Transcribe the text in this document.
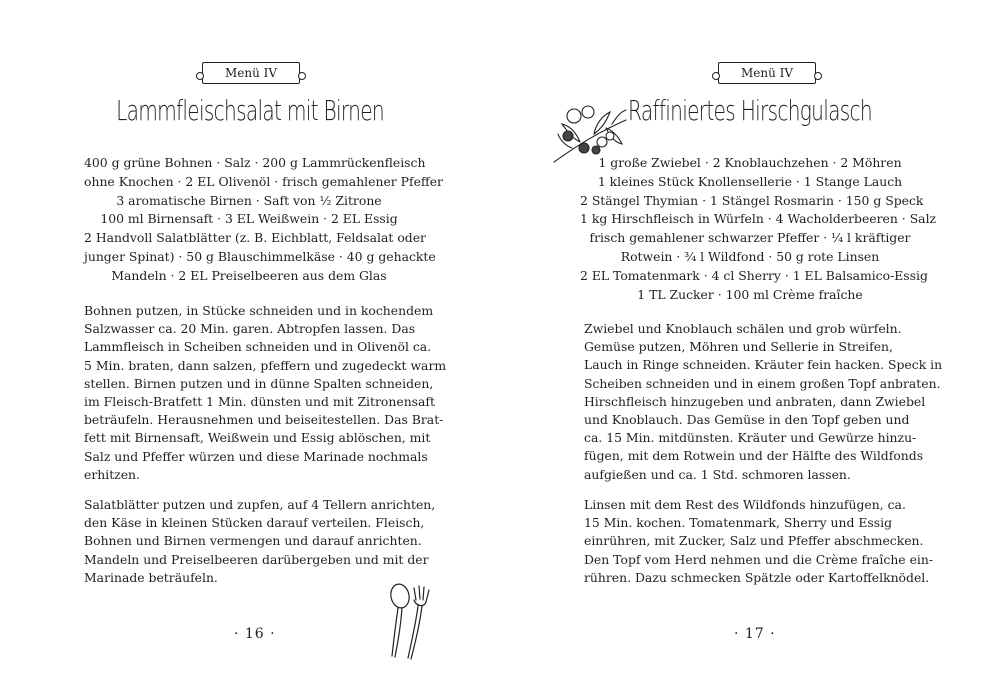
Menü IV
Lammfleischsalat mit Birnen
400 g grüne Bohnen · Salz · 200 g Lammrückenfleisch
ohne Knochen · 2 EL Olivenöl · frisch gemahlener Pfeffer
3 aromatische Birnen · Saft von ½ Zitrone
100 ml Birnensaft · 3 EL Weißwein · 2 EL Essig
2 Handvoll Salatblätter (z. B. Eichblatt, Feldsalat oder
junger Spinat) · 50 g Blauschimmelkäse · 40 g gehackte
Mandeln · 2 EL Preiselbeeren aus dem Glas
Bohnen putzen, in Stücke schneiden und in kochendem
Salzwasser ca. 20 Min. garen. Abtropfen lassen. Das
Lammfleisch in Scheiben schneiden und in Olivenöl ca.
5 Min. braten, dann salzen, pfeffern und zugedeckt warm
stellen. Birnen putzen und in dünne Spalten schneiden,
im Fleisch-Bratfett 1 Min. dünsten und mit Zitronensaft
beträufeln. Herausnehmen und beiseitestellen. Das Brat-
fett mit Birnensaft, Weißwein und Essig ablöschen, mit
Salz und Pfeffer würzen und diese Marinade nochmals
erhitzen.
Salatblätter putzen und zupfen, auf 4 Tellern anrichten,
den Käse in kleinen Stücken darauf verteilen. Fleisch,
Bohnen und Birnen vermengen und darauf anrichten.
Mandeln und Preiselbeeren darübergeben und mit der
Marinade beträufeln.
· 16 ·
Menü IV
Raffiniertes Hirschgulasch
1 große Zwiebel · 2 Knoblauchzehen · 2 Möhren
1 kleines Stück Knollensellerie · 1 Stange Lauch
2 Stängel Thymian · 1 Stängel Rosmarin · 150 g Speck
1 kg Hirschfleisch in Würfeln · 4 Wacholderbeeren · Salz
frisch gemahlener schwarzer Pfeffer · ¼ l kräftiger
Rotwein · ¾ l Wildfond · 50 g rote Linsen
2 EL Tomatenmark · 4 cl Sherry · 1 EL Balsamico-Essig
1 TL Zucker · 100 ml Crème fraîche
Zwiebel und Knoblauch schälen und grob würfeln.
Gemüse putzen, Möhren und Sellerie in Streifen,
Lauch in Ringe schneiden. Kräuter fein hacken. Speck in
Scheiben schneiden und in einem großen Topf anbraten.
Hirschfleisch hinzugeben und anbraten, dann Zwiebel
und Knoblauch. Das Gemüse in den Topf geben und
ca. 15 Min. mitdünsten. Kräuter und Gewürze hinzu-
fügen, mit dem Rotwein und der Hälfte des Wildfonds
aufgießen und ca. 1 Std. schmoren lassen.
Linsen mit dem Rest des Wildfonds hinzufügen, ca.
15 Min. kochen. Tomatenmark, Sherry und Essig
einrühren, mit Zucker, Salz und Pfeffer abschmecken.
Den Topf vom Herd nehmen und die Crème fraîche ein-
rühren. Dazu schmecken Spätzle oder Kartoffelknödel.
· 17 ·
